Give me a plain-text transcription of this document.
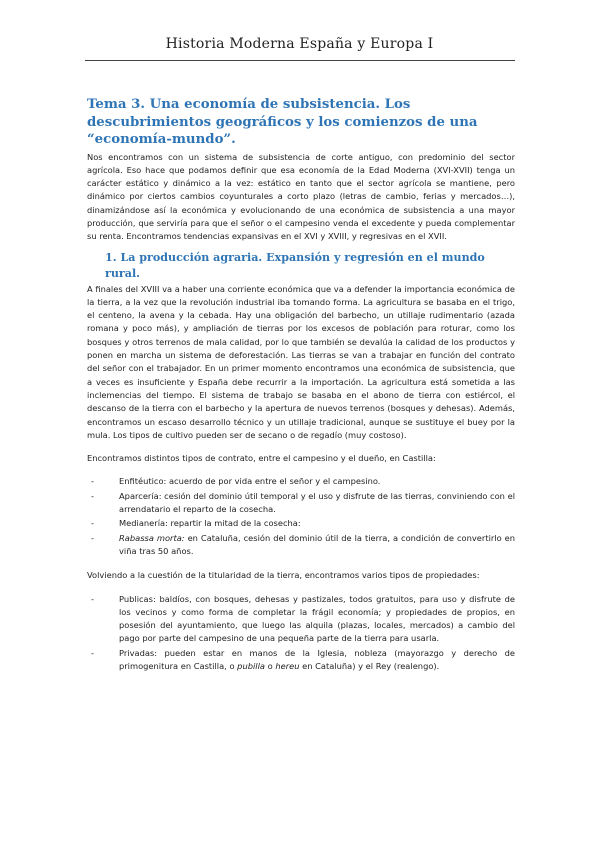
Historia Moderna España y Europa I
Tema 3. Una economía de subsistencia. Los descubrimientos geográficos y los comienzos de una “economía-mundo”.

Nos encontramos con un sistema de subsistencia de corte antiguo, con predominio del sector agrícola. Eso hace que podamos definir que esa economía de la Edad Moderna (XVI-XVII) tenga un carácter estático y dinámico a la vez: estático en tanto que el sector agrícola se mantiene, pero dinámico por ciertos cambios coyunturales a corto plazo (letras de cambio, ferias y mercados…), dinamizándose así la económica y evolucionando de una económica de subsistencia a una mayor producción, que serviría para que el señor o el campesino venda el excedente y pueda complementar su renta. Encontramos tendencias expansivas en el XVI y XVIII, y regresivas en el XVII.

1. La producción agraria. Expansión y regresión en el mundo rural.

A finales del XVIII va a haber una corriente económica que va a defender la importancia económica de la tierra, a la vez que la revolución industrial iba tomando forma. La agricultura se basaba en el trigo, el centeno, la avena y la cebada. Hay una obligación del barbecho, un utillaje rudimentario (azada romana y poco más), y ampliación de tierras por los excesos de población para roturar, como los bosques y otros terrenos de mala calidad, por lo que también se devalúa la calidad de los productos y ponen en marcha un sistema de deforestación. Las tierras se van a trabajar en función del contrato del señor con el trabajador. En un primer momento encontramos una económica de subsistencia, que a veces es insuficiente y España debe recurrir a la importación. La agricultura está sometida a las inclemencias del tiempo. El sistema de trabajo se basaba en el abono de tierra con estiércol, el descanso de la tierra con el barbecho y la apertura de nuevos terrenos (bosques y dehesas). Además, encontramos un escaso desarrollo técnico y un utillaje tradicional, aunque se sustituye el buey por la mula. Los tipos de cultivo pueden ser de secano o de regadío (muy costoso).

Encontramos distintos tipos de contrato, entre el campesino y el dueño, en Castilla:

-	Enfitéutico: acuerdo de por vida entre el señor y el campesino.
-	Aparcería: cesión del dominio útil temporal y el uso y disfrute de las tierras, conviniendo con el arrendatario el reparto de la cosecha.
-	Medianería: repartir la mitad de la cosecha:
-	Rabassa morta: en Cataluña, cesión del dominio útil de la tierra, a condición de convertirlo en viña tras 50 años.

Volviendo a la cuestión de la titularidad de la tierra, encontramos varios tipos de propiedades:

-	Publicas: baldíos, con bosques, dehesas y pastizales, todos gratuitos, para uso y disfrute de los vecinos y como forma de completar la frágil economía; y propiedades de propios, en posesión del ayuntamiento, que luego las alquila (plazas, locales, mercados) a cambio del pago por parte del campesino de una pequeña parte de la tierra para usarla.
-	Privadas: pueden estar en manos de la Iglesia, nobleza (mayorazgo y derecho de primogenitura en Castilla, o pubilla o hereu en Cataluña) y el Rey (realengo).
